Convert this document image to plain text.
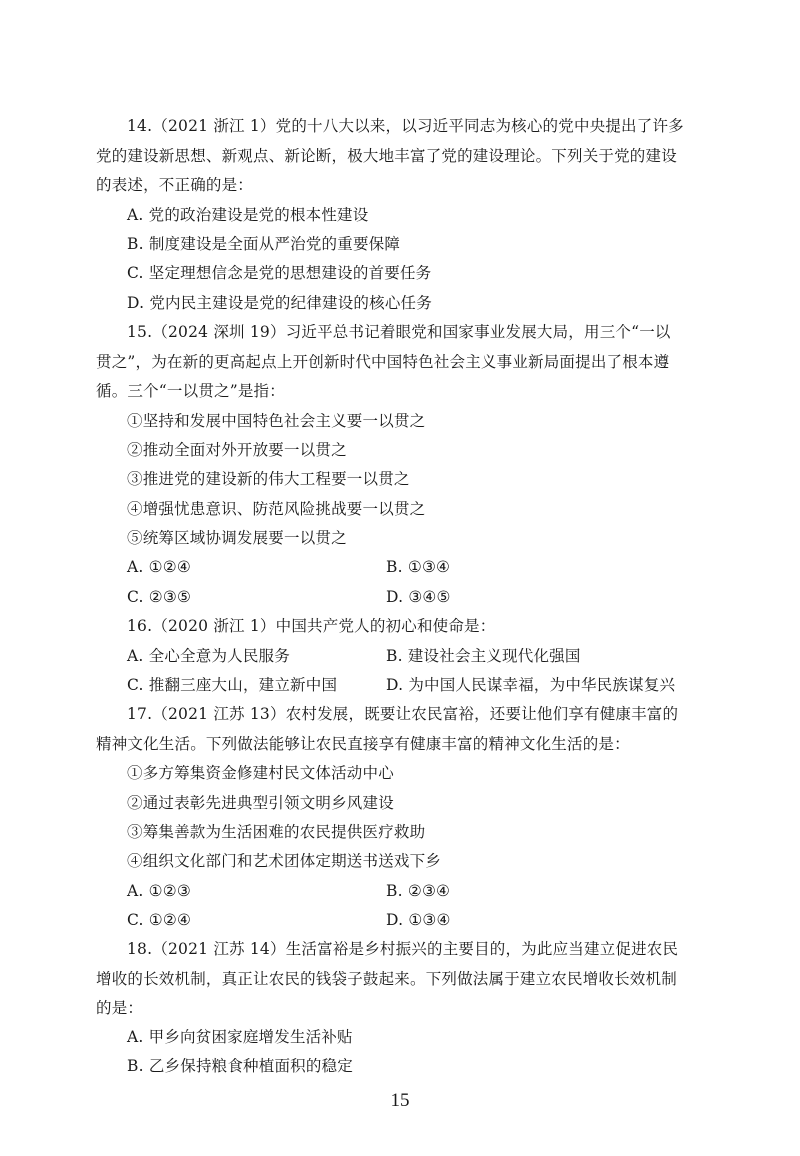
14.（2021 浙江 1）党的十八大以来，以习近平同志为核心的党中央提出了许多
党的建设新思想、新观点、新论断，极大地丰富了党的建设理论。下列关于党的建设
的表述，不正确的是：
A. 党的政治建设是党的根本性建设
B. 制度建设是全面从严治党的重要保障
C. 坚定理想信念是党的思想建设的首要任务
D. 党内民主建设是党的纪律建设的核心任务
15.（2024 深圳 19）习近平总书记着眼党和国家事业发展大局，用三个“一以
贯之”，为在新的更高起点上开创新时代中国特色社会主义事业新局面提出了根本遵
循。三个“一以贯之”是指：
①坚持和发展中国特色社会主义要一以贯之
②推动全面对外开放要一以贯之
③推进党的建设新的伟大工程要一以贯之
④增强忧患意识、防范风险挑战要一以贯之
⑤统筹区域协调发展要一以贯之
A. ①②④	B. ①③④
C. ②③⑤	D. ③④⑤
16.（2020 浙江 1）中国共产党人的初心和使命是：
A. 全心全意为人民服务	B. 建设社会主义现代化强国
C. 推翻三座大山，建立新中国	D. 为中国人民谋幸福，为中华民族谋复兴
17.（2021 江苏 13）农村发展，既要让农民富裕，还要让他们享有健康丰富的
精神文化生活。下列做法能够让农民直接享有健康丰富的精神文化生活的是：
①多方筹集资金修建村民文体活动中心
②通过表彰先进典型引领文明乡风建设
③筹集善款为生活困难的农民提供医疗救助
④组织文化部门和艺术团体定期送书送戏下乡
A. ①②③	B. ②③④
C. ①②④	D. ①③④
18.（2021 江苏 14）生活富裕是乡村振兴的主要目的，为此应当建立促进农民
增收的长效机制，真正让农民的钱袋子鼓起来。下列做法属于建立农民增收长效机制
的是：
A. 甲乡向贫困家庭增发生活补贴
15
B. 乙乡保持粮食种植面积的稳定
